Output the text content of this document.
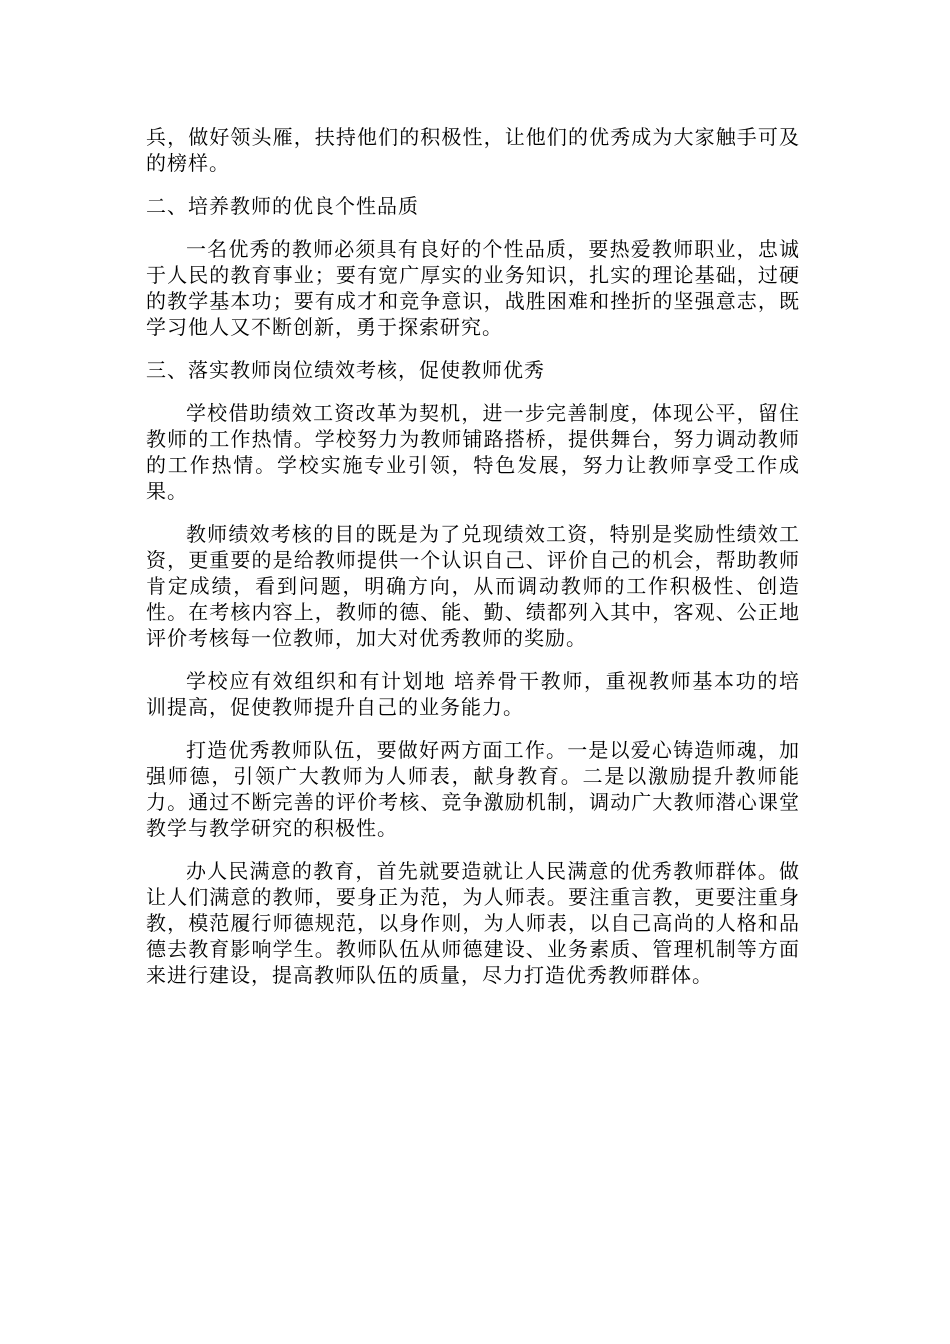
兵，做好领头雁，扶持他们的积极性，让他们的优秀成为大家触手可及的榜样。

二、培养教师的优良个性品质

一名优秀的教师必须具有良好的个性品质，要热爱教师职业，忠诚于人民的教育事业；要有宽广厚实的业务知识，扎实的理论基础，过硬的教学基本功；要有成才和竞争意识，战胜困难和挫折的坚强意志，既学习他人又不断创新，勇于探索研究。

三、落实教师岗位绩效考核，促使教师优秀

学校借助绩效工资改革为契机，进一步完善制度，体现公平，留住教师的工作热情。学校努力为教师铺路搭桥，提供舞台，努力调动教师的工作热情。学校实施专业引领，特色发展，努力让教师享受工作成果。

教师绩效考核的目的既是为了兑现绩效工资，特别是奖励性绩效工资，更重要的是给教师提供一个认识自己、评价自己的机会，帮助教师肯定成绩，看到问题，明确方向，从而调动教师的工作积极性、创造性。在考核内容上，教师的德、能、勤、绩都列入其中，客观、公正地评价考核每一位教师，加大对优秀教师的奖励。

学校应有效组织和有计划地 培养骨干教师，重视教师基本功的培训提高，促使教师提升自己的业务能力。

打造优秀教师队伍，要做好两方面工作。一是以爱心铸造师魂，加强师德，引领广大教师为人师表，献身教育。二是以激励提升教师能力。通过不断完善的评价考核、竞争激励机制，调动广大教师潜心课堂教学与教学研究的积极性。

办人民满意的教育，首先就要造就让人民满意的优秀教师群体。做让人们满意的教师，要身正为范，为人师表。要注重言教，更要注重身教，模范履行师德规范，以身作则，为人师表，以自己高尚的人格和品德去教育影响学生。教师队伍从师德建设、业务素质、管理机制等方面来进行建设，提高教师队伍的质量，尽力打造优秀教师群体。
